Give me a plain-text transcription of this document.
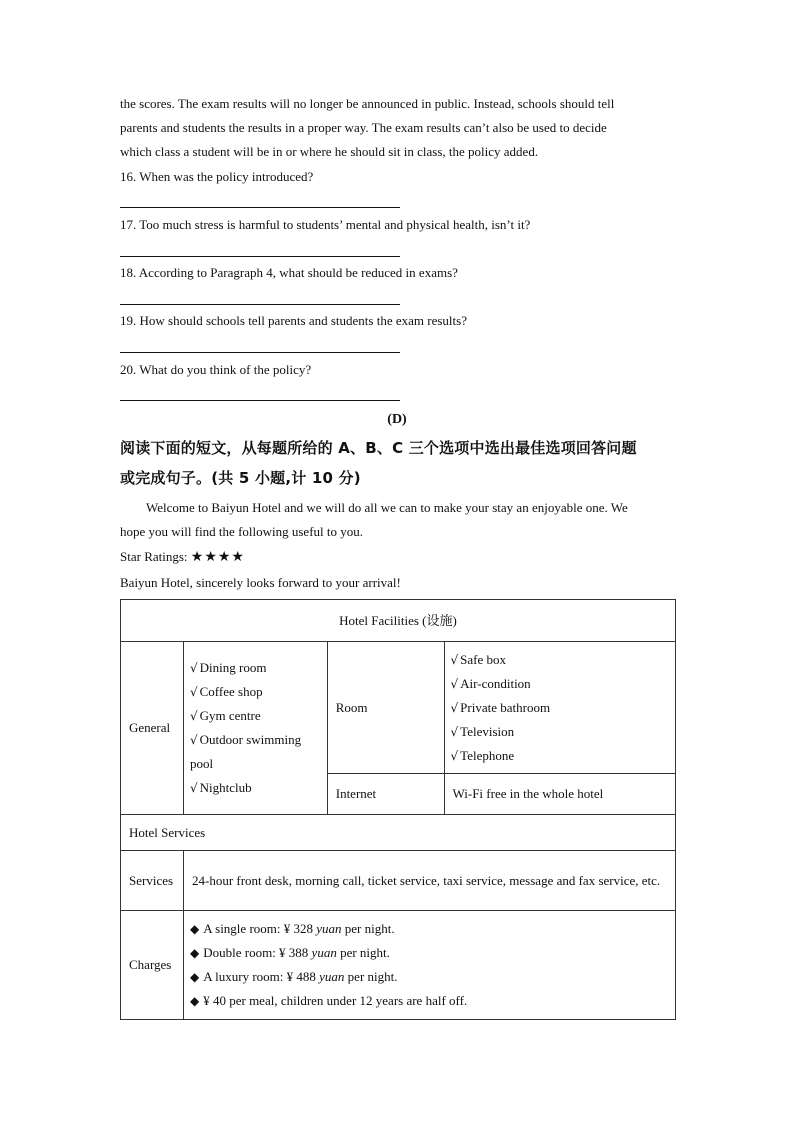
the scores. The exam results will no longer be announced in public. Instead, schools should tell
parents and students the results in a proper way. The exam results can’t also be used to decide
which class a student will be in or where he should sit in class, the policy added.
16. When was the policy introduced?
17. Too much stress is harmful to students’ mental and physical health, isn’t it?
18. According to Paragraph 4, what should be reduced in exams?
19. How should schools tell parents and students the exam results?
20. What do you think of the policy?
(D)
阅读下面的短文，从每题所给的 A、B、C 三个选项中选出最佳选项回答问题
或完成句子。(共 5 小题,计 10 分)
Welcome to Baiyun Hotel and we will do all we can to make your stay an enjoyable one. We
hope you will find the following useful to you.
Star Ratings: ★★★★
Baiyun Hotel, sincerely looks forward to your arrival!
Hotel Facilities (设施)			
General	√ Dining room
√ Coffee shop
√ Gym centre
√ Outdoor swimming pool
√ Nightclub	Room	√ Safe box
√ Air-condition
√ Private bathroom
√ Television
√ Telephone

		Internet	Wi-Fi free in the whole hotel
Hotel Services			
Services	24-hour front desk, morning call, ticket service, taxi service, message and fax service, etc.		
Charges	◆ A single room: ¥ 328 yuan per night.
◆ Double room: ¥ 388 yuan per night.
◆ A luxury room: ¥ 488 yuan per night.
◆ ¥ 40 per meal, children under 12 years are half off.		
